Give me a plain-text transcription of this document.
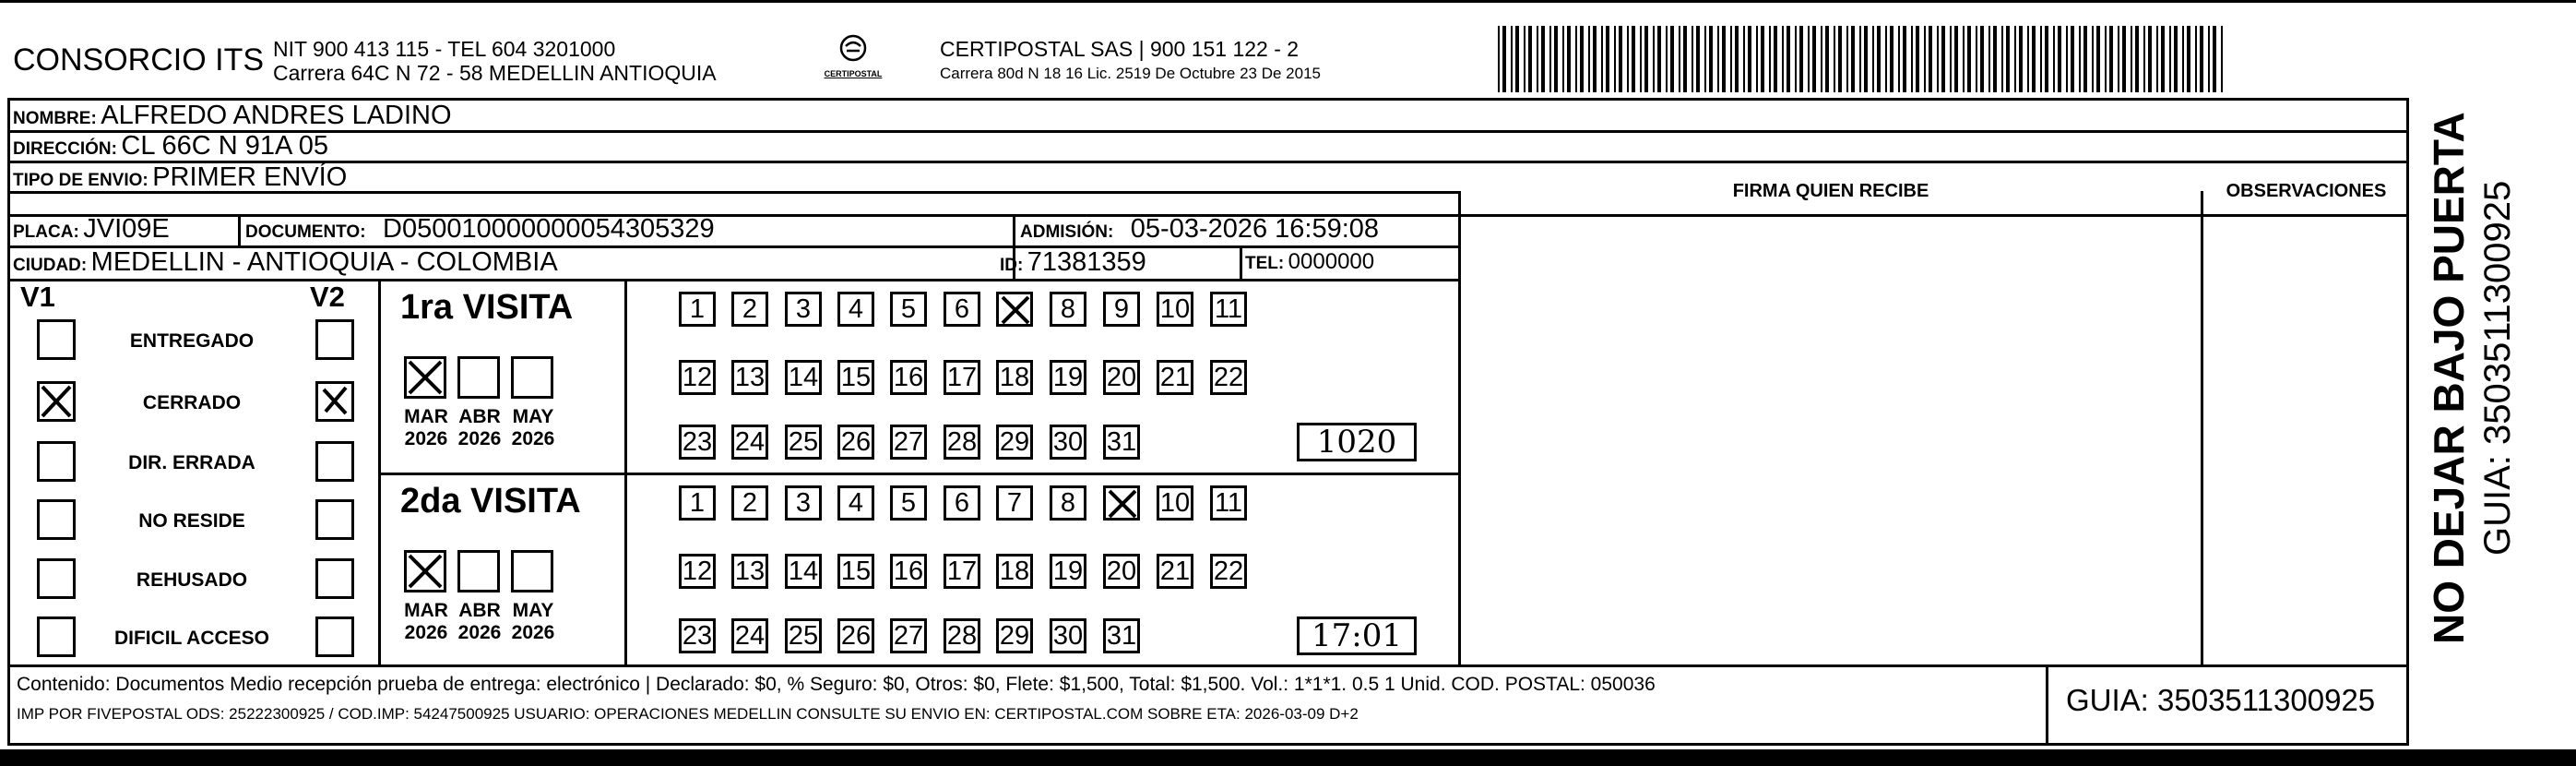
CONSORCIO ITS NIT 900 413 115 - TEL 604 3201000
Carrera 64C N 72 - 58 MEDELLIN ANTIOQUIA	CERTIPOSTAL
CERTIPOSTAL SAS | 900 151 122 - 2
Carrera 80d N 18 16 Lic. 2519 De Octubre 23 De 2015
NOMBRE: ALFREDO ANDRES LADINO
DIRECCIÓN: CL 66C N 91A 05
TIPO DE ENVIO: PRIMER ENVÍO	FIRMA QUIEN RECIBE	OBSERVACIONES
PLACA: JVI09E	DOCUMENTO: D050010000000054305329	ADMISIÓN: 05-03-2026 16:59:08
CIUDAD: MEDELLIN - ANTIOQUIA - COLOMBIA	ID: 71381359	TEL: 0000000
V1	V2
ENTREGADO
CERRADO
DIR. ERRADA
NO RESIDE
REHUSADO
DIFICIL ACCESO
1ra VISITA
MAR
2026
ABR
2026
MAY
2026
1	2	3	4	5	6	8	9	10 11
12 13 14 15 16 17 18 19 20 21 22
23 24 25 26 27 28 29 30 31	1020
2da VISITA
MAR
2026
ABR
2026
MAY
2026
1	2	3	4	5	6	7	8	10 11
12 13 14 15 16 17 18 19 20 21 22
23 24 25 26 27 28 29 30 31	17:01
Contenido: Documentos Medio recepción prueba de entrega: electrónico | Declarado: $0, % Seguro: $0, Otros: $0, Flete: $1,500, Total: $1,500. Vol.: 1*1*1. 0.5 1 Unid. COD. POSTAL: 050036
IMP POR FIVEPOSTAL ODS: 25222300925 / COD.IMP: 54247500925 USUARIO: OPERACIONES MEDELLIN CONSULTE SU ENVIO EN: CERTIPOSTAL.COM SOBRE ETA: 2026-03-09 D+2	GUIA: 3503511300925
NO DEJAR BAJO PUERTA GUIA: 3503511300925
